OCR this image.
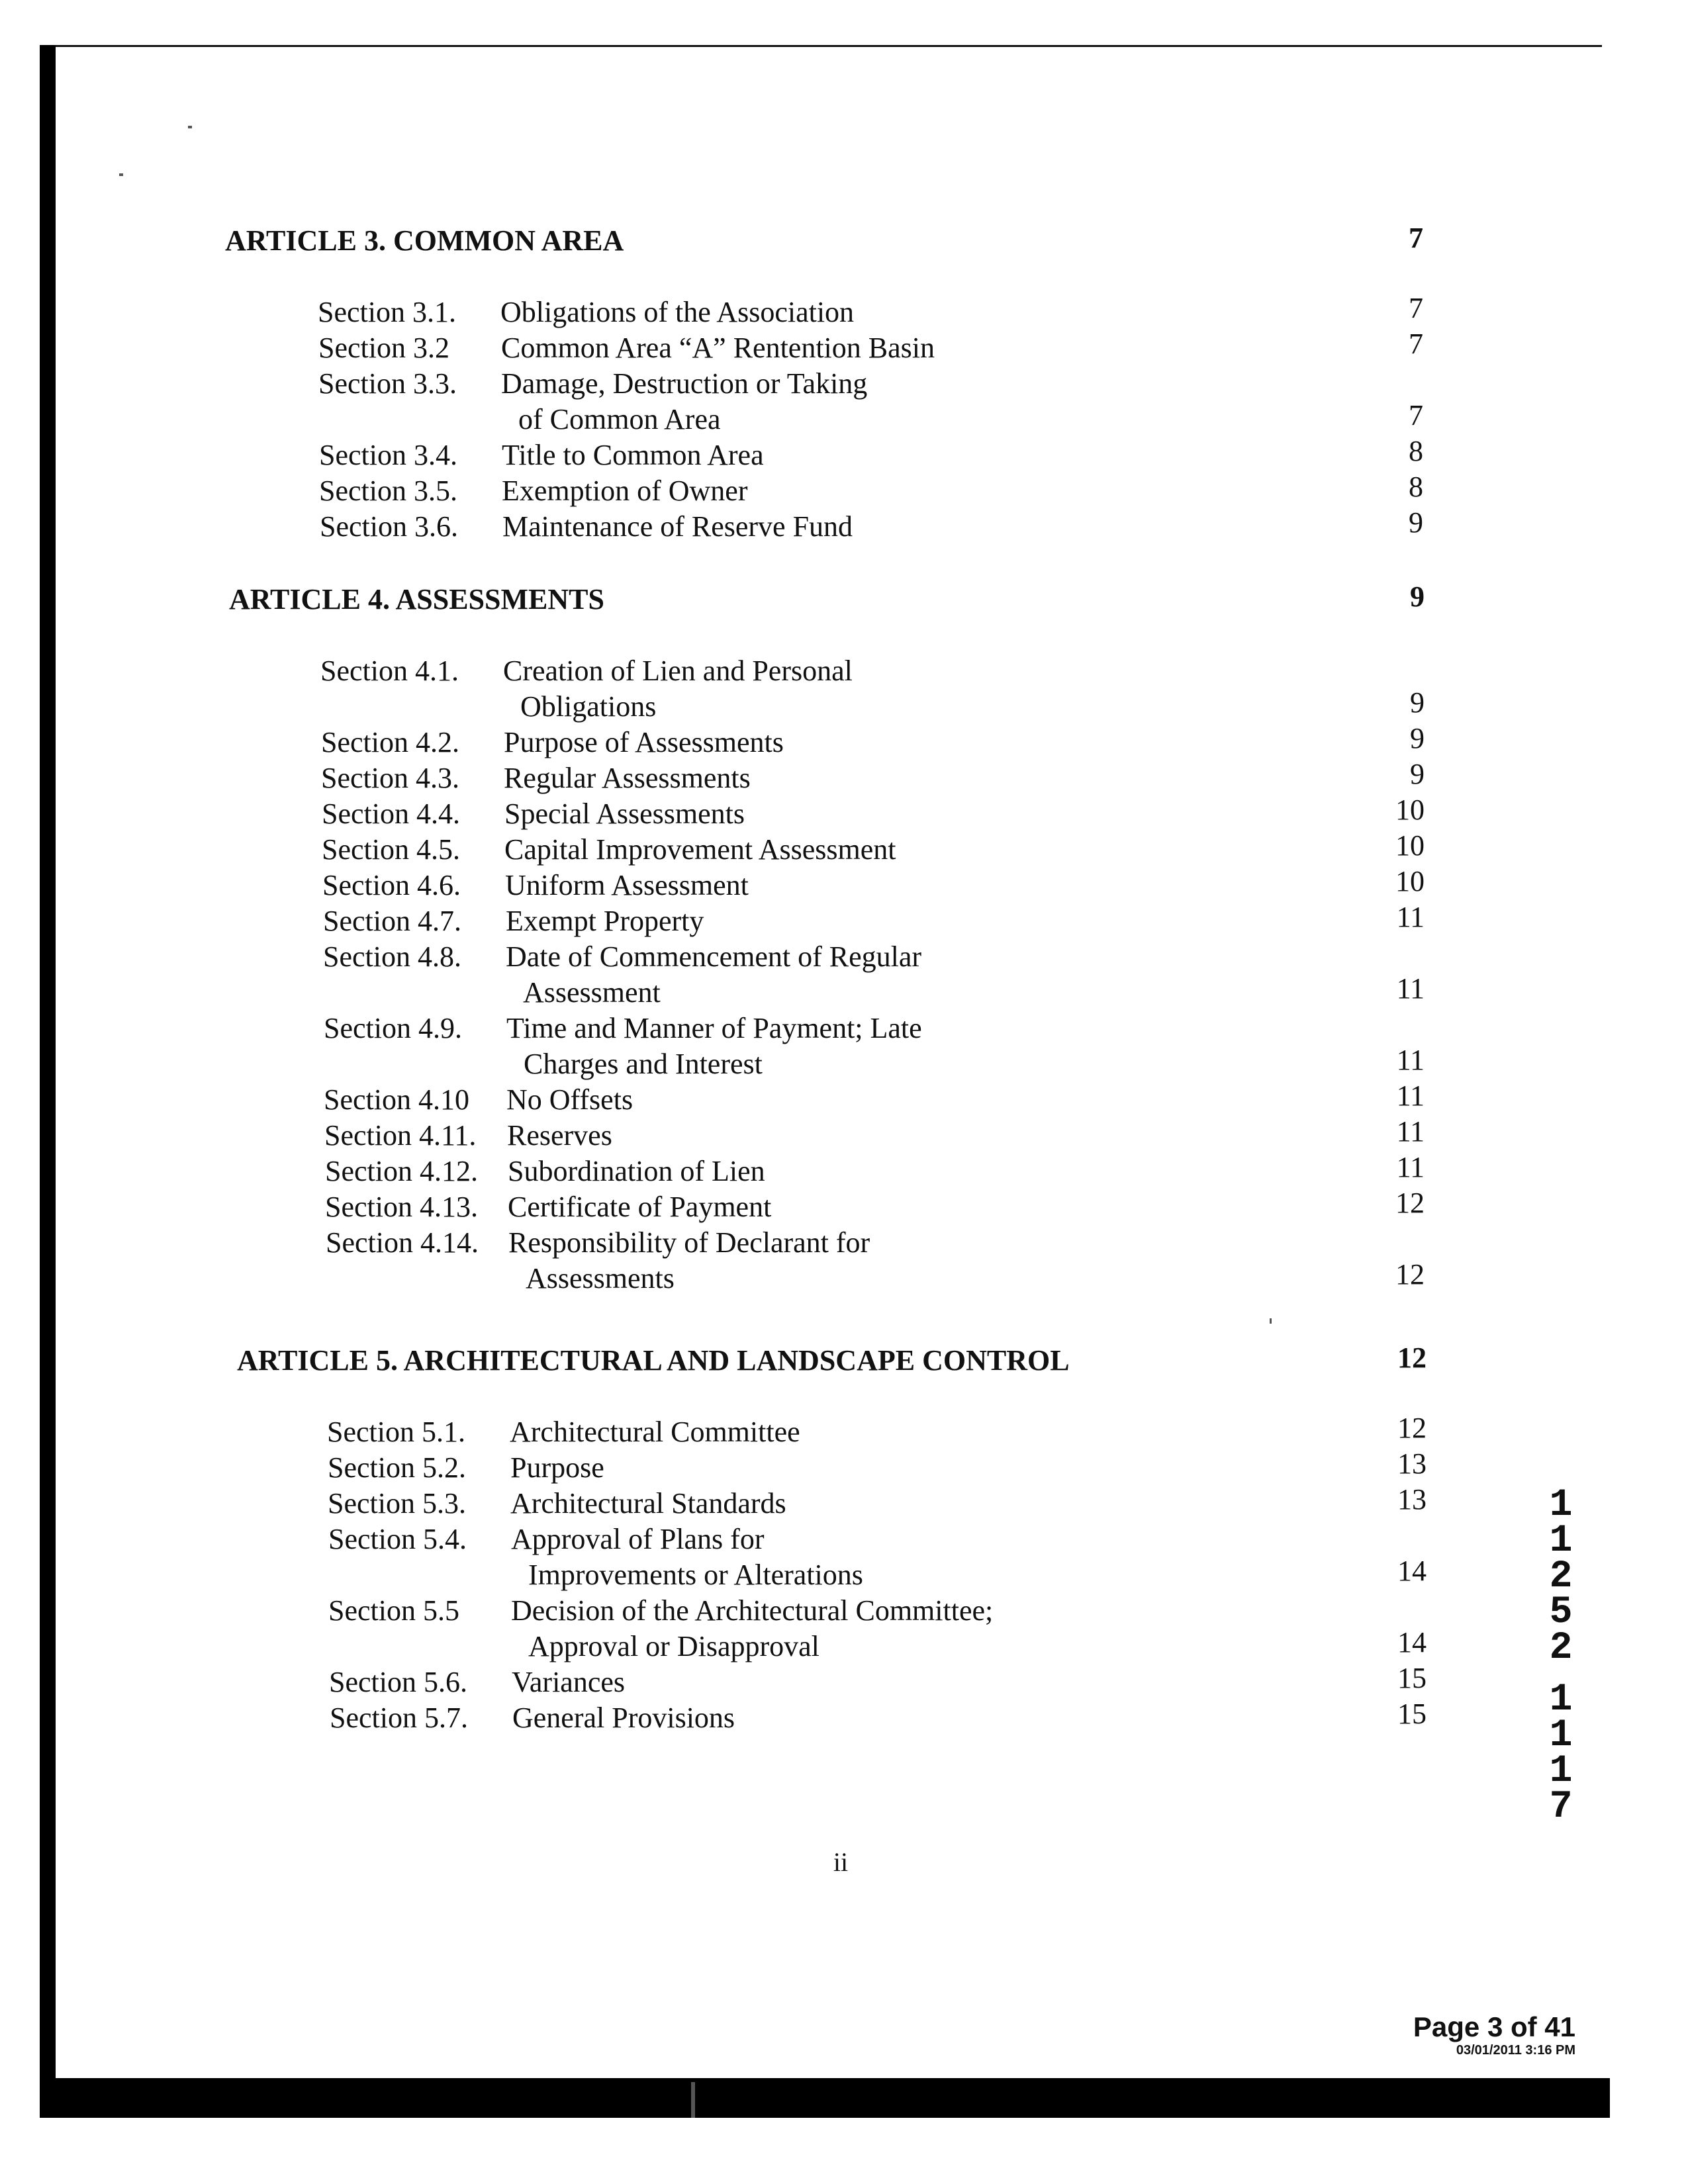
ARTICLE 3. COMMON AREA	7
Section 3.1. Obligations of the Association	7
Section 3.2 Common Area “A” Rentention Basin	7
Section 3.3. Damage, Destruction or Taking
of Common Area	7
Section 3.4. Title to Common Area	8
Section 3.5. Exemption of Owner	8
Section 3.6. Maintenance of Reserve Fund	9
ARTICLE 4. ASSESSMENTS	9
Section 4.1. Creation of Lien and Personal
Obligations	9
Section 4.2. Purpose of Assessments	9
Section 4.3. Regular Assessments	9
Section 4.4. Special Assessments	10
Section 4.5. Capital Improvement Assessment	10
Section 4.6. Uniform Assessment	10
Section 4.7. Exempt Property	11
Section 4.8. Date of Commencement of Regular
Assessment	11
Section 4.9. Time and Manner of Payment; Late
Charges and Interest	11
Section 4.10 No Offsets	11
Section 4.11. Reserves	11
Section 4.12. Subordination of Lien	11
Section 4.13. Certificate of Payment	12
Section 4.14. Responsibility of Declarant for
Assessments	12
ARTICLE 5. ARCHITECTURAL AND LANDSCAPE CONTROL	12
Section 5.1. Architectural Committee	12
Section 5.2. Purpose	13
Section 5.3. Architectural Standards	13
Section 5.4. Approval of Plans for
Improvements or Alterations	14
Section 5.5 Decision of the Architectural Committee;
Approval or Disapproval	14
Section 5.6. Variances	15
Section 5.7. General Provisions	15
ii
1
1
2
5
2
1
1
1
7
Page 3 of 41
03/01/2011 3:16 PM
